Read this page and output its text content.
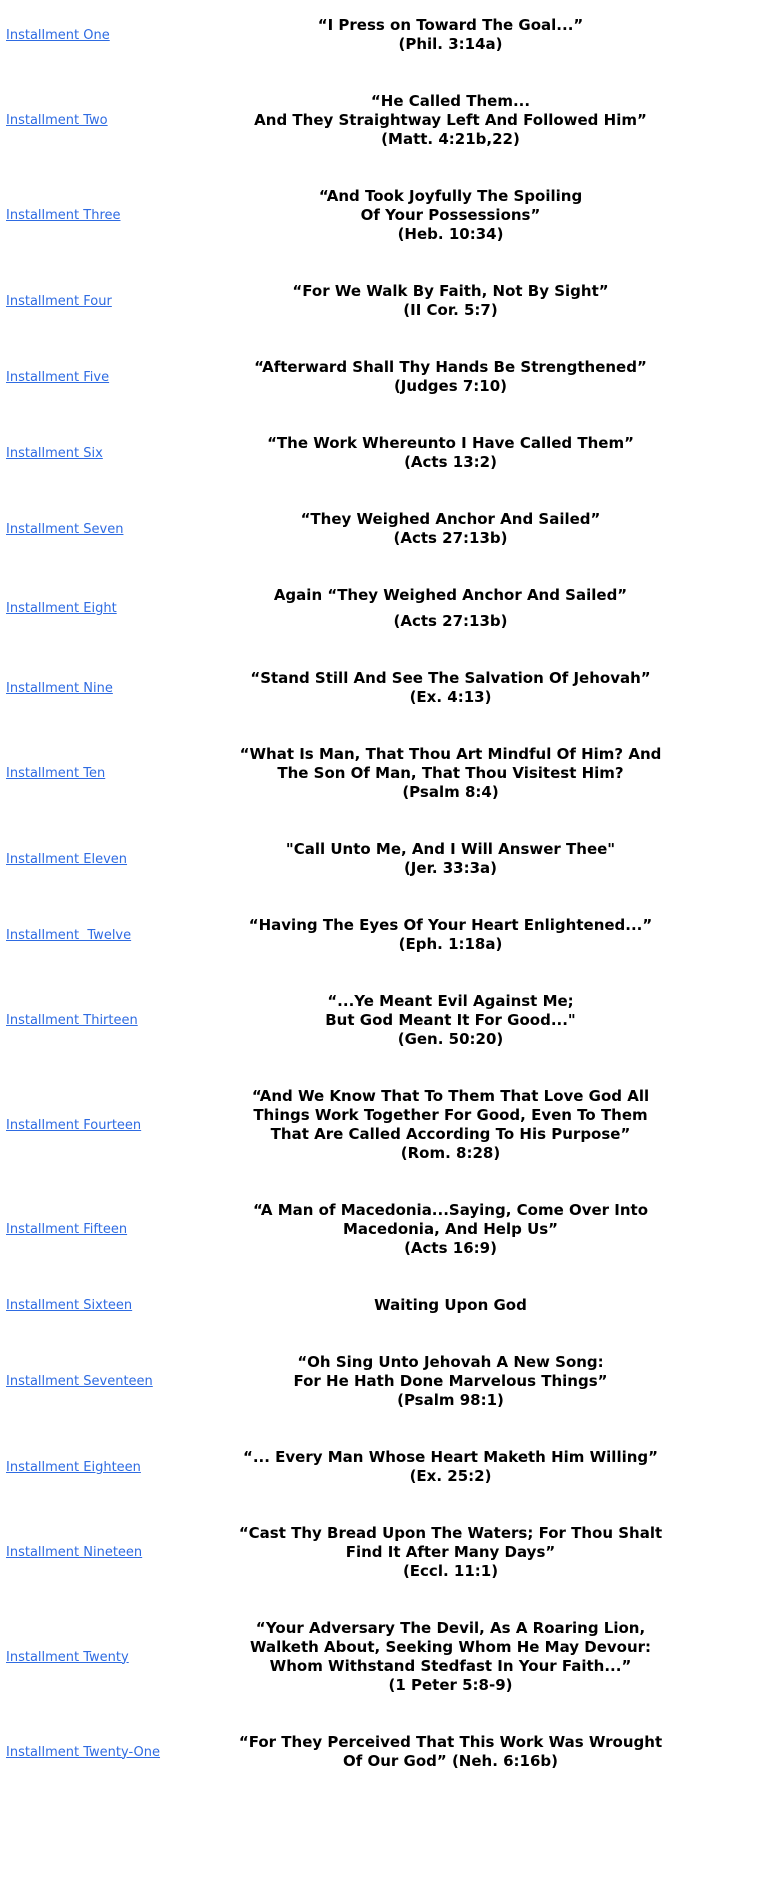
Installment One
“I Press on Toward The Goal...”
(Phil. 3:14a)
Installment Two
“He Called Them...
And They Straightway Left And Followed Him”
(Matt. 4:21b,22)
Installment Three
“And Took Joyfully The Spoiling
Of Your Possessions”
(Heb. 10:34)
Installment Four
“For We Walk By Faith, Not By Sight”
(II Cor. 5:7)
Installment Five
“Afterward Shall Thy Hands Be Strengthened”
(Judges 7:10)
Installment Six
“The Work Whereunto I Have Called Them”
(Acts 13:2)
Installment Seven
“They Weighed Anchor And Sailed”
(Acts 27:13b)
Installment Eight
Again “They Weighed Anchor And Sailed”
(Acts 27:13b)
Installment Nine
“Stand Still And See The Salvation Of Jehovah”
(Ex. 4:13)
Installment Ten
“What Is Man, That Thou Art Mindful Of Him? And
The Son Of Man, That Thou Visitest Him?
(Psalm 8:4)
Installment Eleven
"Call Unto Me, And I Will Answer Thee"
(Jer. 33:3a)
Installment  Twelve
“Having The Eyes Of Your Heart Enlightened...”
(Eph. 1:18a)
Installment Thirteen
“...Ye Meant Evil Against Me;
But God Meant It For Good..."
(Gen. 50:20)
Installment Fourteen
“And We Know That To Them That Love God All
Things Work Together For Good, Even To Them
That Are Called According To His Purpose”
(Rom. 8:28)
Installment Fifteen
“A Man of Macedonia...Saying, Come Over Into
Macedonia, And Help Us”
(Acts 16:9)
Installment Sixteen	Waiting Upon God
Installment Seventeen
“Oh Sing Unto Jehovah A New Song:
For He Hath Done Marvelous Things”
(Psalm 98:1)
Installment Eighteen
“... Every Man Whose Heart Maketh Him Willing”
(Ex. 25:2)
Installment Nineteen
“Cast Thy Bread Upon The Waters; For Thou Shalt
Find It After Many Days”
(Eccl. 11:1)
Installment Twenty
“Your Adversary The Devil, As A Roaring Lion,
Walketh About, Seeking Whom He May Devour:
Whom Withstand Stedfast In Your Faith...”
(1 Peter 5:8-9)
Installment Twenty-One
“For They Perceived That This Work Was Wrought
Of Our God” (Neh. 6:16b)
